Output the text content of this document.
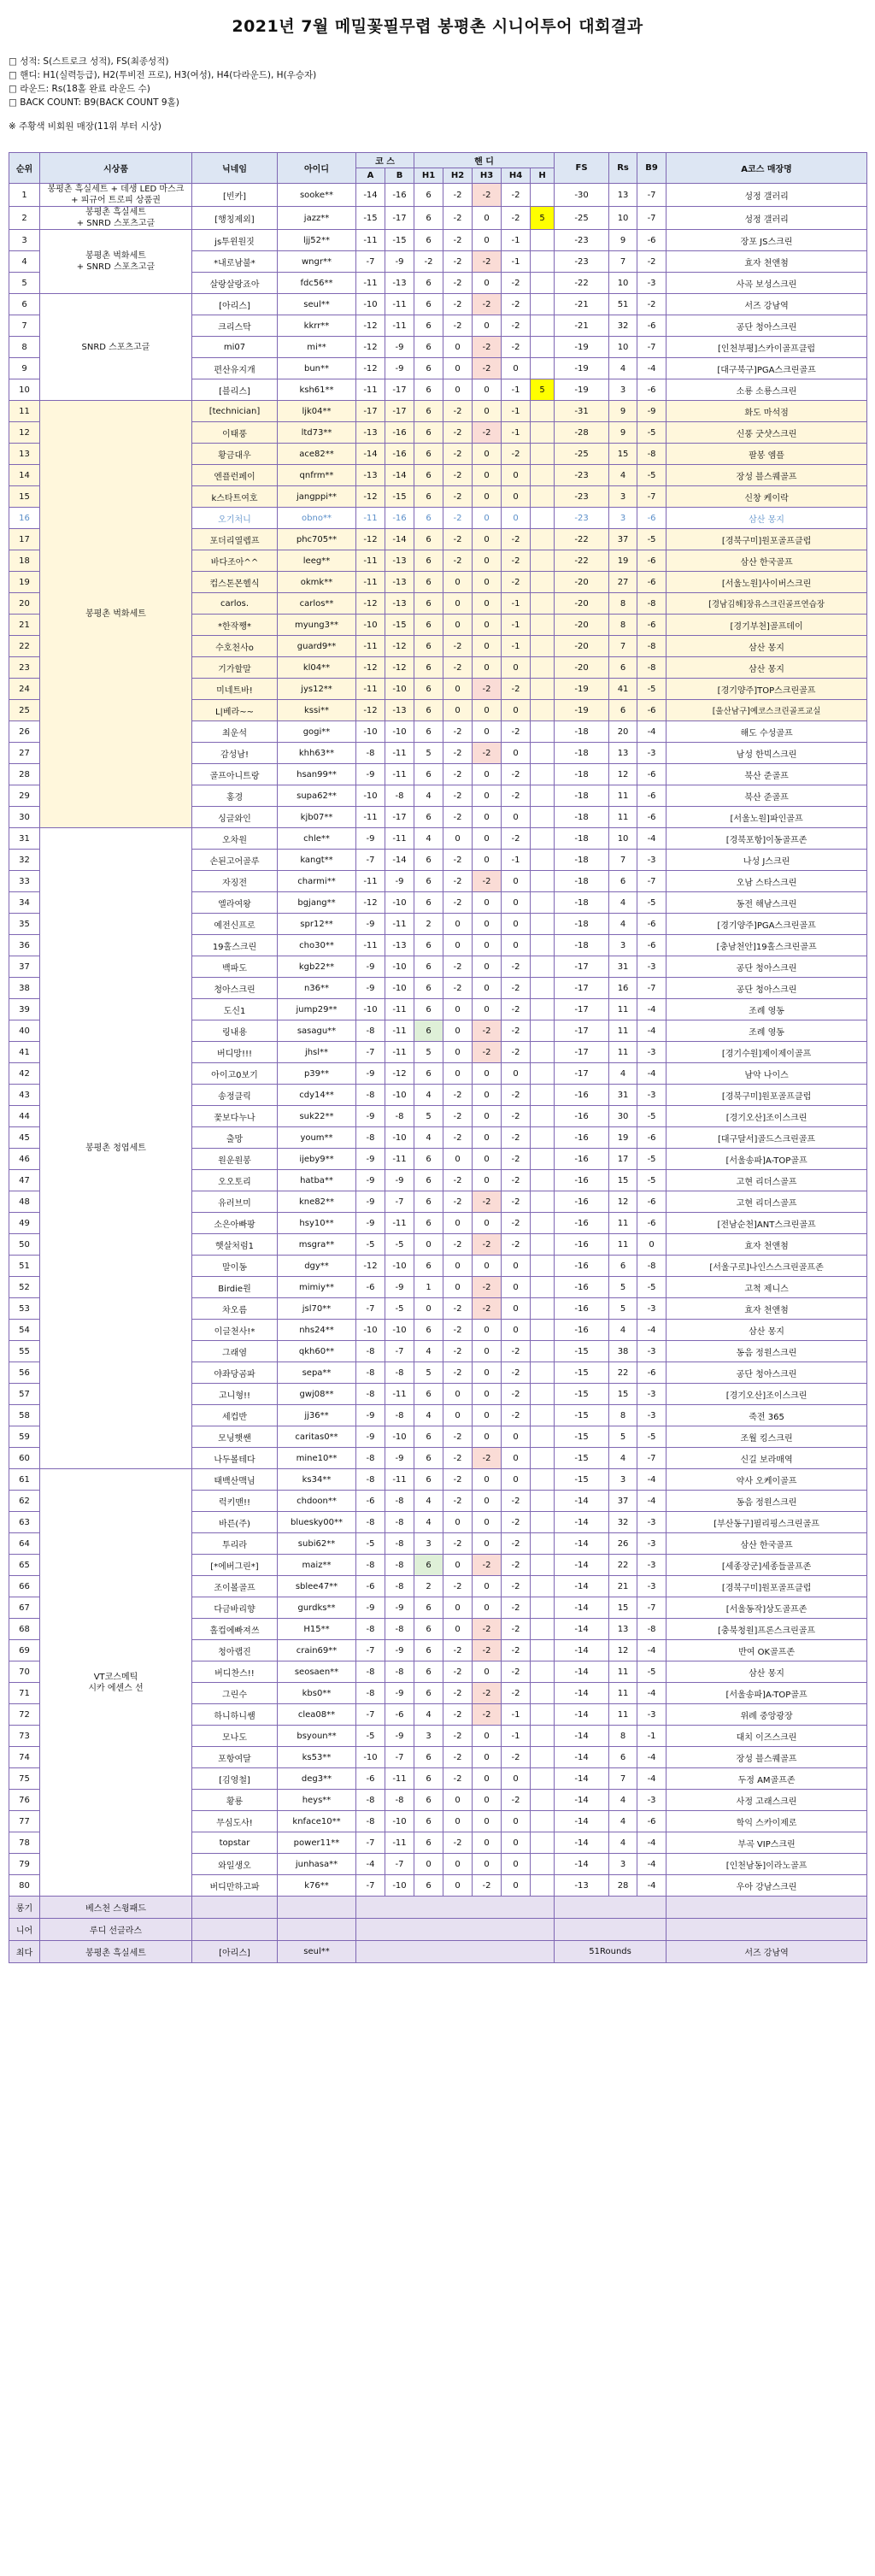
2021년 7월 메밀꽃필무렵 봉평촌 시니어투어 대회결과
□ 성적: S(스트로크 성적), FS(최종성적)
□ 핸디: H1(실력등급), H2(투비전 프로), H3(여성), H4(다라운드), H(우승자)
□ 라운드: Rs(18홀 완료 라운드 수)
□ BACK COUNT: B9(BACK COUNT 9홀)
※ 주황색 비회원 매장(11위 부터 시상)
순위	시상품	닉네임	아이디	코 스		핸 디					FS	Rs	B9	A코스 매장명
				A	B	H1	H2	H3	H4	H				
1	봉평촌 흑실세트 + 데생 LED 마스크
+ 피규어 트로피 상품권	[빈카]	sooke**	-14	-16	6	-2	-2	-2		-30	13	-7	성정 갤러리
2	봉평촌 흑실세트
+ SNRD 스포츠고글	[행칭제외]	jazz**	-15	-17	6	-2	0	-2	5	-25	10	-7	성정 갤러리
3	봉평촌 벅화세트
+ SNRD 스포츠고글	js투윈원짓	ljj52**	-11	-15	6	-2	0	-1		-23	9	-6	장포 JS스크린
4		*내로남불*	wngr**	-7	-9	-2	-2	-2	-1		-23	7	-2	효자 천앤첨
5		살랑살랑죠아	fdc56**	-11	-13	6	-2	0	-2		-22	10	-3	사곡 보성스크린
6	SNRD 스포츠고글	[아리스]	seul**	-10	-11	6	-2	-2	-2		-21	51	-2	서즈 강남역
7		크리스탁	kkrr**	-12	-11	6	-2	0	-2		-21	32	-6	공단 청아스크린
8		mi07	mi**	-12	-9	6	0	-2	-2		-19	10	-7	[인천부평]스카이골프클럽
9		편산유지개	bun**	-12	-9	6	0	-2	0		-19	4	-4	[대구북구]PGA스크린골프
10		[블리스]	ksh61**	-11	-17	6	0	0	-1	5	-19	3	-6	소룡 소룡스크린
11	봉평촌 벅화세트	[technician]	ljk04**	-17	-17	6	-2	0	-1		-31	9	-9	화도 마석점
12		이태풍	ltd73**	-13	-16	6	-2	-2	-1		-28	9	-5	신풍 굿샷스크린
13		황금대우	ace82**	-14	-16	6	-2	0	-2		-25	15	-8	팔봉 엠플
14		엔플런페이	qnfrm**	-13	-14	6	-2	0	0		-23	4	-5	장성 블스퀘골프
15		k스타트여호	jangppi**	-12	-15	6	-2	0	0		-23	3	-7	신창 케이락
16		오기처니	obno**	-11	-16	6	-2	0	0		-23	3	-6	삼산 몽지
17		포더리열렙프	phc705**	-12	-14	6	-2	0	-2		-22	37	-5	[경북구미]원포골프클럽
18		바다조아^^	leeg**	-11	-13	6	-2	0	-2		-22	19	-6	삼산 한국골프
19		컵스톤몬헬식	okmk**	-11	-13	6	0	0	-2		-20	27	-6	[서울노원]사이버스크린
20		carlos.	carlos**	-12	-13	6	0	0	-1		-20	8	-8	[경남김해]장유스크린골프연습장
21		*한작쨍*	myung3**	-10	-15	6	0	0	-1		-20	8	-6	[경기부천]골프데이
22		수호천사o	guard9**	-11	-12	6	-2	0	-1		-20	7	-8	삼산 몽지
23		기가할말	kl04**	-12	-12	6	-2	0	0		-20	6	-8	삼산 몽지
24		미네트바!	jys12**	-11	-10	6	0	-2	-2		-19	41	-5	[경기양주]TOP스크린골프
25		L|베라~~	kssi**	-12	-13	6	0	0	0		-19	6	-6	[울산남구]예코스크린골프교실
26		최운석	gogi**	-10	-10	6	-2	0	-2		-18	20	-4	해도 수성골프
27		감성남!	khh63**	-8	-11	5	-2	-2	0		-18	13	-3	남성 한빅스크린
28		골프아니트랑	hsan99**	-9	-11	6	-2	0	-2		-18	12	-6	북산 준골프
29		홍경	supa62**	-10	-8	4	-2	0	-2		-18	11	-6	북산 준골프
30		싱글와인	kjb07**	-11	-17	6	-2	0	0		-18	11	-6	[서울노원]파인골프
31	봉평촌 청엽세트	오차원	chle**	-9	-11	4	0	0	-2		-18	10	-4	[경북포항]이동골프존
32		손된고어골루	kangt**	-7	-14	6	-2	0	-1		-18	7	-3	나성 J스크린
33		자징전	charmi**	-11	-9	6	-2	-2	0		-18	6	-7	오남 스타스크린
34		엘라여왕	bgjang**	-12	-10	6	-2	0	0		-18	4	-5	동전 해남스크린
35		예전신프로	spr12**	-9	-11	2	0	0	0		-18	4	-6	[경기양주]PGA스크린골프
36		19홀스크린	cho30**	-11	-13	6	0	0	0		-18	3	-6	[충남천안]19홀스크린골프
37		백파도	kgb22**	-9	-10	6	-2	0	-2		-17	31	-3	공단 청아스크린
38		청아스크린	n36**	-9	-10	6	-2	0	-2		-17	16	-7	공단 청아스크린
39		도신1	jump29**	-10	-11	6	0	0	-2		-17	11	-4	조례 영동
40		링내용	sasagu**	-8	-11	6	0	-2	-2		-17	11	-4	조례 영동
41		버디망!!!	jhsl**	-7	-11	5	0	-2	-2		-17	11	-3	[경기수원]제이제이골프
42		아이고0보기	p39**	-9	-12	6	0	0	0		-17	4	-4	남악 나이스
43		송정클릭	cdy14**	-8	-10	4	-2	0	-2		-16	31	-3	[경북구미]원포골프클럽
44		꽃보다누나	suk22**	-9	-8	5	-2	0	-2		-16	30	-5	[경기오산]조이스크린
45		출망	youm**	-8	-10	4	-2	0	-2		-16	19	-6	[대구달서]골드스크린골프
46		원운원봉	ijeby9**	-9	-11	6	0	0	-2		-16	17	-5	[서울송파]A-TOP골프
47		오오토리	hatba**	-9	-9	6	-2	0	-2		-16	15	-5	고현 리더스골프
48		유러브미	kne82**	-9	-7	6	-2	-2	-2		-16	12	-6	고현 리더스골프
49		소은아빠팡	hsy10**	-9	-11	6	0	0	-2		-16	11	-6	[전남순천]ANT스크린골프
50		햇살처럼1	msgra**	-5	-5	0	-2	-2	-2		-16	11	0	효자 천앤첨
51		말이동	dgy**	-12	-10	6	0	0	0		-16	6	-8	[서울구로]나인스스크린골프존
52		Birdie원	mimiy**	-6	-9	1	0	-2	0		-16	5	-5	고척 제니스
53		차오름	jsl70**	-7	-5	0	-2	-2	0		-16	5	-3	효자 천앤첨
54		이글천사!*	nhs24**	-10	-10	6	-2	0	0		-16	4	-4	삼산 몽지
55		그래염	qkh60**	-8	-7	4	-2	0	-2		-15	38	-3	동음 정원스크린
56		야좌당곰파	sepa**	-8	-8	5	-2	0	-2		-15	22	-6	공단 청아스크린
57		고니형!!	gwj08**	-8	-11	6	0	0	-2		-15	15	-3	[경기오산]조이스크린
58		세컵반	jj36**	-9	-8	4	0	0	-2		-15	8	-3	죽전 365
59		모닝햇쌘	caritas0**	-9	-10	6	-2	0	0		-15	5	-5	조월 킹스크린
60		나두볼테다	mine10**	-8	-9	6	-2	-2	0		-15	4	-7	신길 보라매역
61	VT코스메틱
시카 에센스 선	태백산맥님	ks34**	-8	-11	6	-2	0	0		-15	3	-4	약사 오케이골프
62		럭키맨!!	chdoon**	-6	-8	4	-2	0	-2		-14	37	-4	동음 정원스크린
63		바른(주)	bluesky00**	-8	-8	4	0	0	-2		-14	32	-3	[부산동구]필리핑스크린골프
64		투리라	subi62**	-5	-8	3	-2	0	-2		-14	26	-3	삼산 한국골프
65		[*에버그린*]	maiz**	-8	-8	6	0	-2	-2		-14	22	-3	[세종장군]세종들골프존
66		조이볼골프	sblee47**	-6	-8	2	-2	0	-2		-14	21	-3	[경북구미]원포골프클럽
67		다금바리향	gurdks**	-9	-9	6	0	0	-2		-14	15	-7	[서울동작]상도골프존
68		홀컵에빠져쓰	H15**	-8	-8	6	0	-2	-2		-14	13	-8	[충북청원]프론스크린골프
69		청아랩진	crain69**	-7	-9	6	-2	-2	-2		-14	12	-4	반여 OK골프존
70		버디찬스!!	seosaen**	-8	-8	6	-2	0	-2		-14	11	-5	삼산 몽지
71		그린수	kbs0**	-8	-9	6	-2	-2	-2		-14	11	-4	[서울송파]A-TOP골프
72		하니하니쌤	clea08**	-7	-6	4	-2	-2	-1		-14	11	-3	위례 중앙광장
73		모나도	bsyoun**	-5	-9	3	-2	0	-1		-14	8	-1	대치 이즈스크린
74		포항여달	ks53**	-10	-7	6	-2	0	-2		-14	6	-4	장성 블스퀘골프
75		[김영철]	deg3**	-6	-11	6	-2	0	0		-14	7	-4	두정 AM골프존
76		황룡	heys**	-8	-8	6	0	0	-2		-14	4	-3	사정 고래스크린
77		무심도사!	knface10**	-8	-10	6	0	0	0		-14	4	-6	학익 스카이제로
78		topstar	power11**	-7	-11	6	-2	0	0		-14	4	-4	부곡 VIP스크린
79		와일생오	junhasa**	-4	-7	0	0	0	0		-14	3	-4	[인천남동]이라노골프
80		버디만하고파	k76**	-7	-10	6	0	-2	0		-13	28	-4	우아 강남스크린
롱기	베스천 스윙패드													
니어	루디 선글라스													
최다	봉평촌 흑실세트	[아리스]	seul**								51Rounds			서즈 강남역
